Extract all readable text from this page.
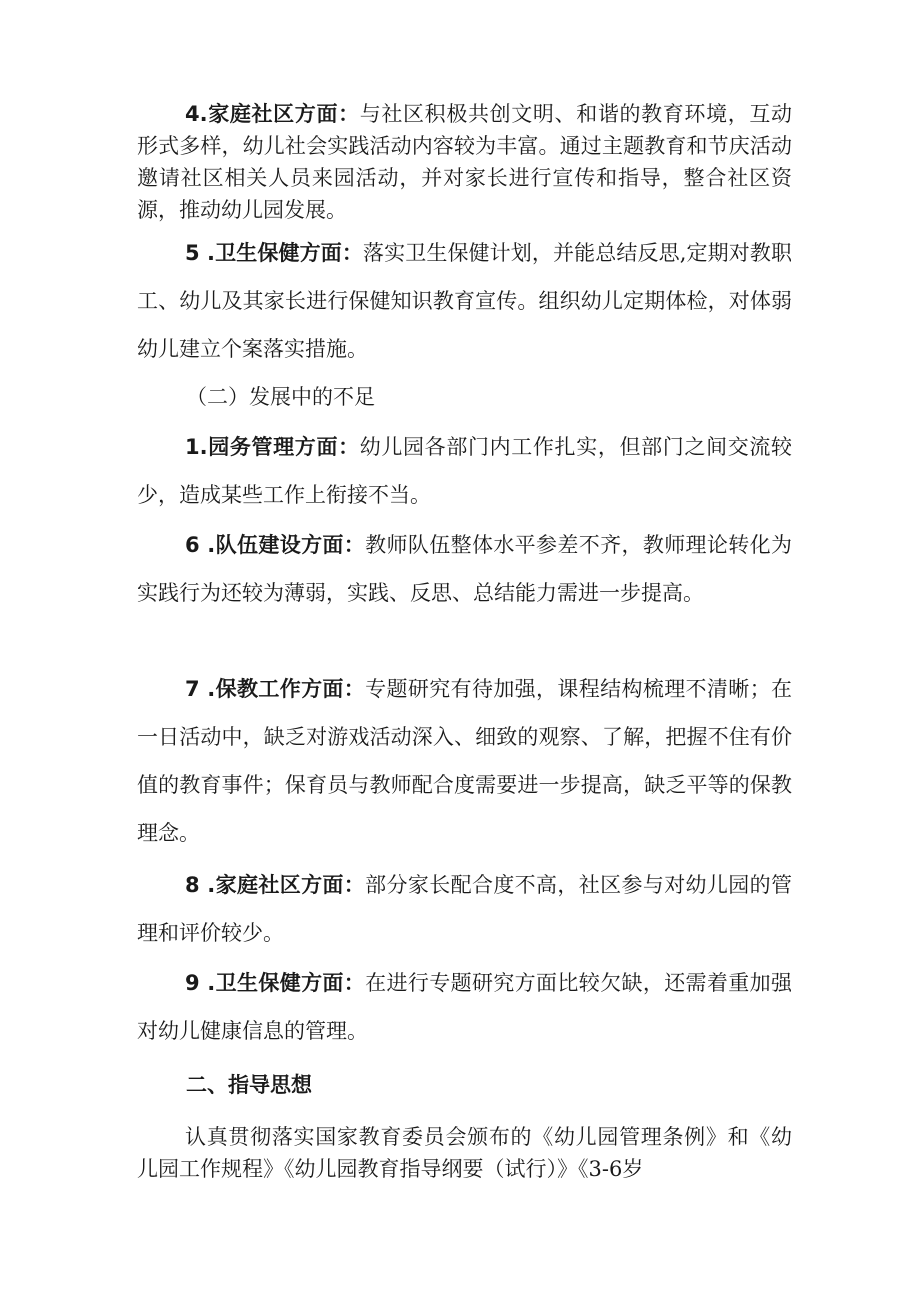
4.家庭社区方面：与社区积极共创文明、和谐的教育环境，互动形式多样，幼儿社会实践活动内容较为丰富。通过主题教育和节庆活动邀请社区相关人员来园活动，并对家长进行宣传和指导，整合社区资源，推动幼儿园发展。

5 .卫生保健方面：落实卫生保健计划，并能总结反思,定期对教职工、幼儿及其家长进行保健知识教育宣传。组织幼儿定期体检，对体弱幼儿建立个案落实措施。

（二）发展中的不足

1.园务管理方面：幼儿园各部门内工作扎实，但部门之间交流较少，造成某些工作上衔接不当。

6 .队伍建设方面：教师队伍整体水平参差不齐，教师理论转化为实践行为还较为薄弱，实践、反思、总结能力需进一步提高。

7 .保教工作方面：专题研究有待加强，课程结构梳理不清晰；在一日活动中，缺乏对游戏活动深入、细致的观察、了解，把握不住有价值的教育事件；保育员与教师配合度需要进一步提高，缺乏平等的保教理念。

8 .家庭社区方面：部分家长配合度不高，社区参与对幼儿园的管理和评价较少。

9 .卫生保健方面：在进行专题研究方面比较欠缺，还需着重加强对幼儿健康信息的管理。

二、指导思想

认真贯彻落实国家教育委员会颁布的《幼儿园管理条例》和《幼儿园工作规程》《幼儿园教育指导纲要（试行）》《3-6岁
